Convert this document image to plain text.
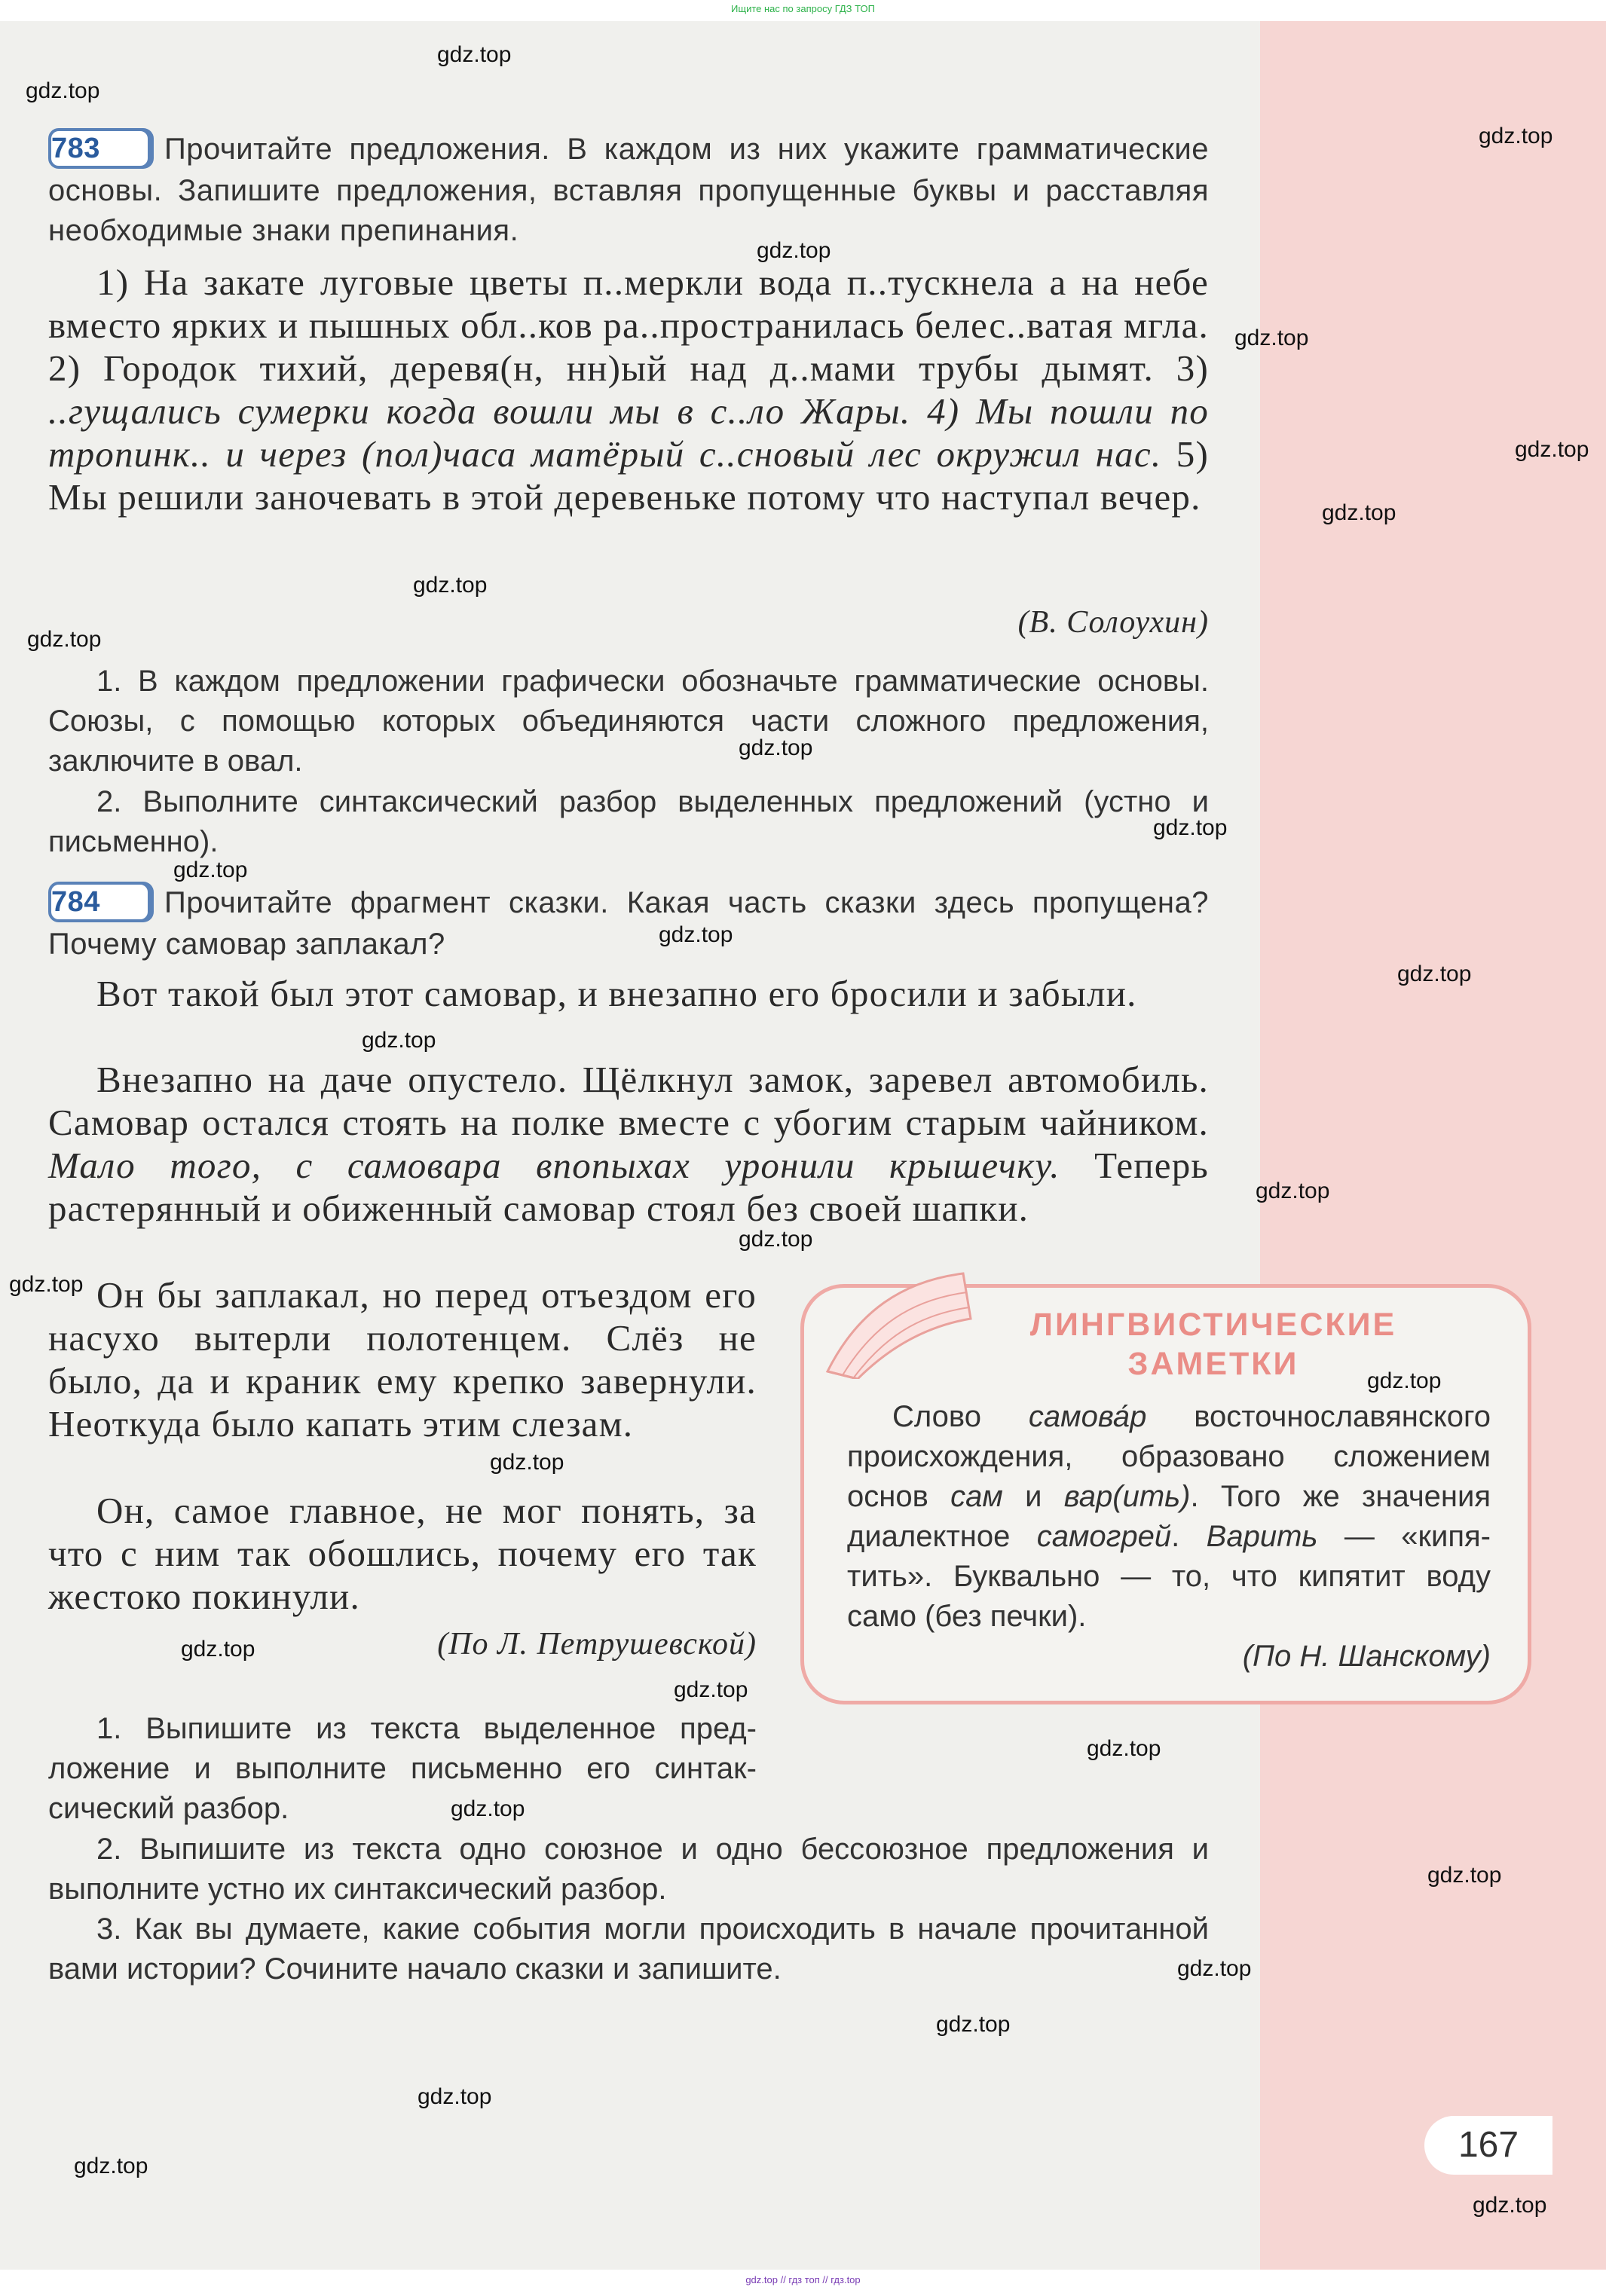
Ищите нас по запросу ГДЗ ТОП
gdz.top // гдз топ // гдз.top
783 Прочитайте предложения. В каждом из них укажите грамматические основы. Запишите предложения, вставляя пропущенные буквы и расставляя необходимые знаки препинания.
1) На закате луговые цветы п..меркли вода п..тускнела а на небе вместо ярких и пышных обл..ков ра..пространилась белес..ватая мгла. 2) Городок тихий, деревя(н, нн)ый над д..мами трубы дымят. 3) ..гущались сумерки когда вошли мы в с..ло Жары. 4) Мы пошли по тропинк.. и через (пол)часа матёрый с..сновый лес окружил нас. 5) Мы решили заночевать в этой деревеньке потому что наступал вечер.
(В. Солоухин)
1. В каждом предложении графически обозначьте грамматические основы. Союзы, с помощью которых объединяются части сложного предложения, заключите в овал.
2. Выполните синтаксический разбор выделенных предложений (устно и письменно).
784 Прочитайте фрагмент сказки. Какая часть сказки здесь пропущена? Почему самовар заплакал?
Вот такой был этот самовар, и внезапно его бросили и забыли.
Внезапно на даче опустело. Щёлкнул замок, заревел автомобиль. Самовар остался стоять на полке вместе с убогим старым чайником. Мало того, с самовара впопыхах уронили крышечку. Теперь растерянный и обиженный самовар стоял без своей шапки.
Он бы заплакал, но перед отъездом его насухо вытерли полотенцем. Слёз не было, да и краник ему крепко завернули. Неоткуда было капать этим слезам.
Он, самое главное, не мог понять, за что с ним так обошлись, почему его так жестоко покинули.
(По Л. Петрушевской)
1. Выпишите из текста выделенное предложение и выполните письменно его синтаксический разбор.
2. Выпишите из текста одно союзное и одно бессоюзное предложения и выполните устно их синтаксический разбор.
3. Как вы думаете, какие события могли происходить в начале прочитанной вами истории? Сочините начало сказки и запишите.
ЛИНГВИСТИЧЕСКИЕ
ЗАМЕТКИ
Слово самова́р восточнославянского происхождения, образовано сложением основ сам и вар(ить). Того же значения диалектное самогрей. Варить — «кипятить». Буквально — то, что кипятит воду само (без печки).
(По Н. Шанскому)
167
gdz.top
gdz.top
gdz.top
gdz.top
gdz.top
gdz.top
gdz.top
gdz.top
gdz.top
gdz.top
gdz.top
gdz.top
gdz.top
gdz.top
gdz.top
gdz.top
gdz.top
gdz.top
gdz.top
gdz.top
gdz.top
gdz.top
gdz.top
gdz.top
gdz.top
gdz.top
gdz.top
gdz.top
gdz.top
gdz.top
